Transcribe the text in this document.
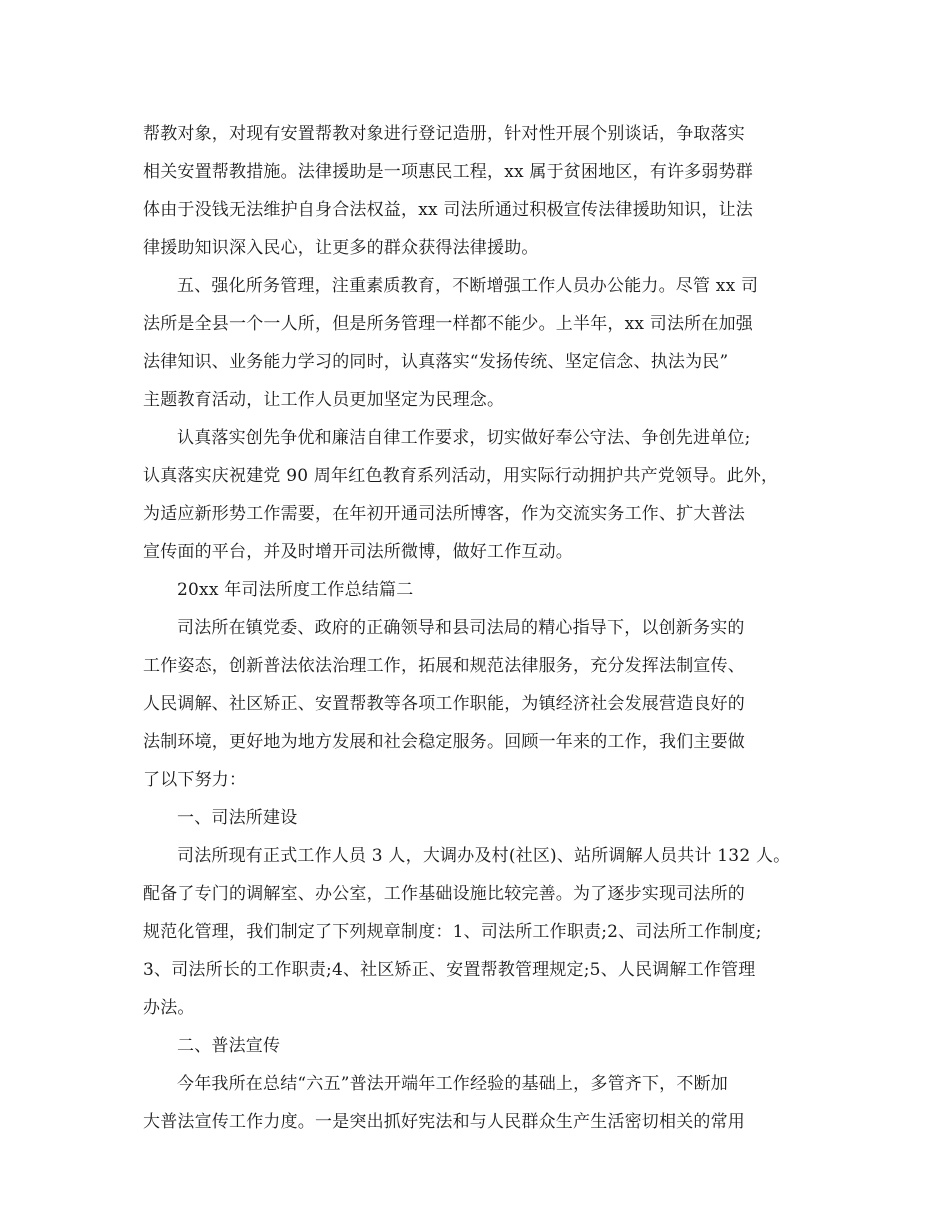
帮教对象，对现有安置帮教对象进行登记造册，针对性开展个别谈话，争取落实
相关安置帮教措施。法律援助是一项惠民工程，xx 属于贫困地区，有许多弱势群
体由于没钱无法维护自身合法权益，xx 司法所通过积极宣传法律援助知识，让法
律援助知识深入民心，让更多的群众获得法律援助。
五、强化所务管理，注重素质教育，不断增强工作人员办公能力。尽管 xx 司
法所是全县一个一人所，但是所务管理一样都不能少。上半年，xx 司法所在加强
法律知识、业务能力学习的同时，认真落实“发扬传统、坚定信念、执法为民”
主题教育活动，让工作人员更加坚定为民理念。
认真落实创先争优和廉洁自律工作要求，切实做好奉公守法、争创先进单位;
认真落实庆祝建党 90 周年红色教育系列活动，用实际行动拥护共产党领导。此外，
为适应新形势工作需要，在年初开通司法所博客，作为交流实务工作、扩大普法
宣传面的平台，并及时增开司法所微博，做好工作互动。
20xx 年司法所度工作总结篇二
司法所在镇党委、政府的正确领导和县司法局的精心指导下，以创新务实的
工作姿态，创新普法依法治理工作，拓展和规范法律服务，充分发挥法制宣传、
人民调解、社区矫正、安置帮教等各项工作职能，为镇经济社会发展营造良好的
法制环境，更好地为地方发展和社会稳定服务。回顾一年来的工作，我们主要做
了以下努力：
一、司法所建设
司法所现有正式工作人员 3 人，大调办及村(社区)、站所调解人员共计 132 人。
配备了专门的调解室、办公室，工作基础设施比较完善。为了逐步实现司法所的
规范化管理，我们制定了下列规章制度：1、司法所工作职责;2、司法所工作制度;
3、司法所长的工作职责;4、社区矫正、安置帮教管理规定;5、人民调解工作管理
办法。
二、普法宣传
今年我所在总结“六五”普法开端年工作经验的基础上，多管齐下，不断加
大普法宣传工作力度。一是突出抓好宪法和与人民群众生产生活密切相关的常用
